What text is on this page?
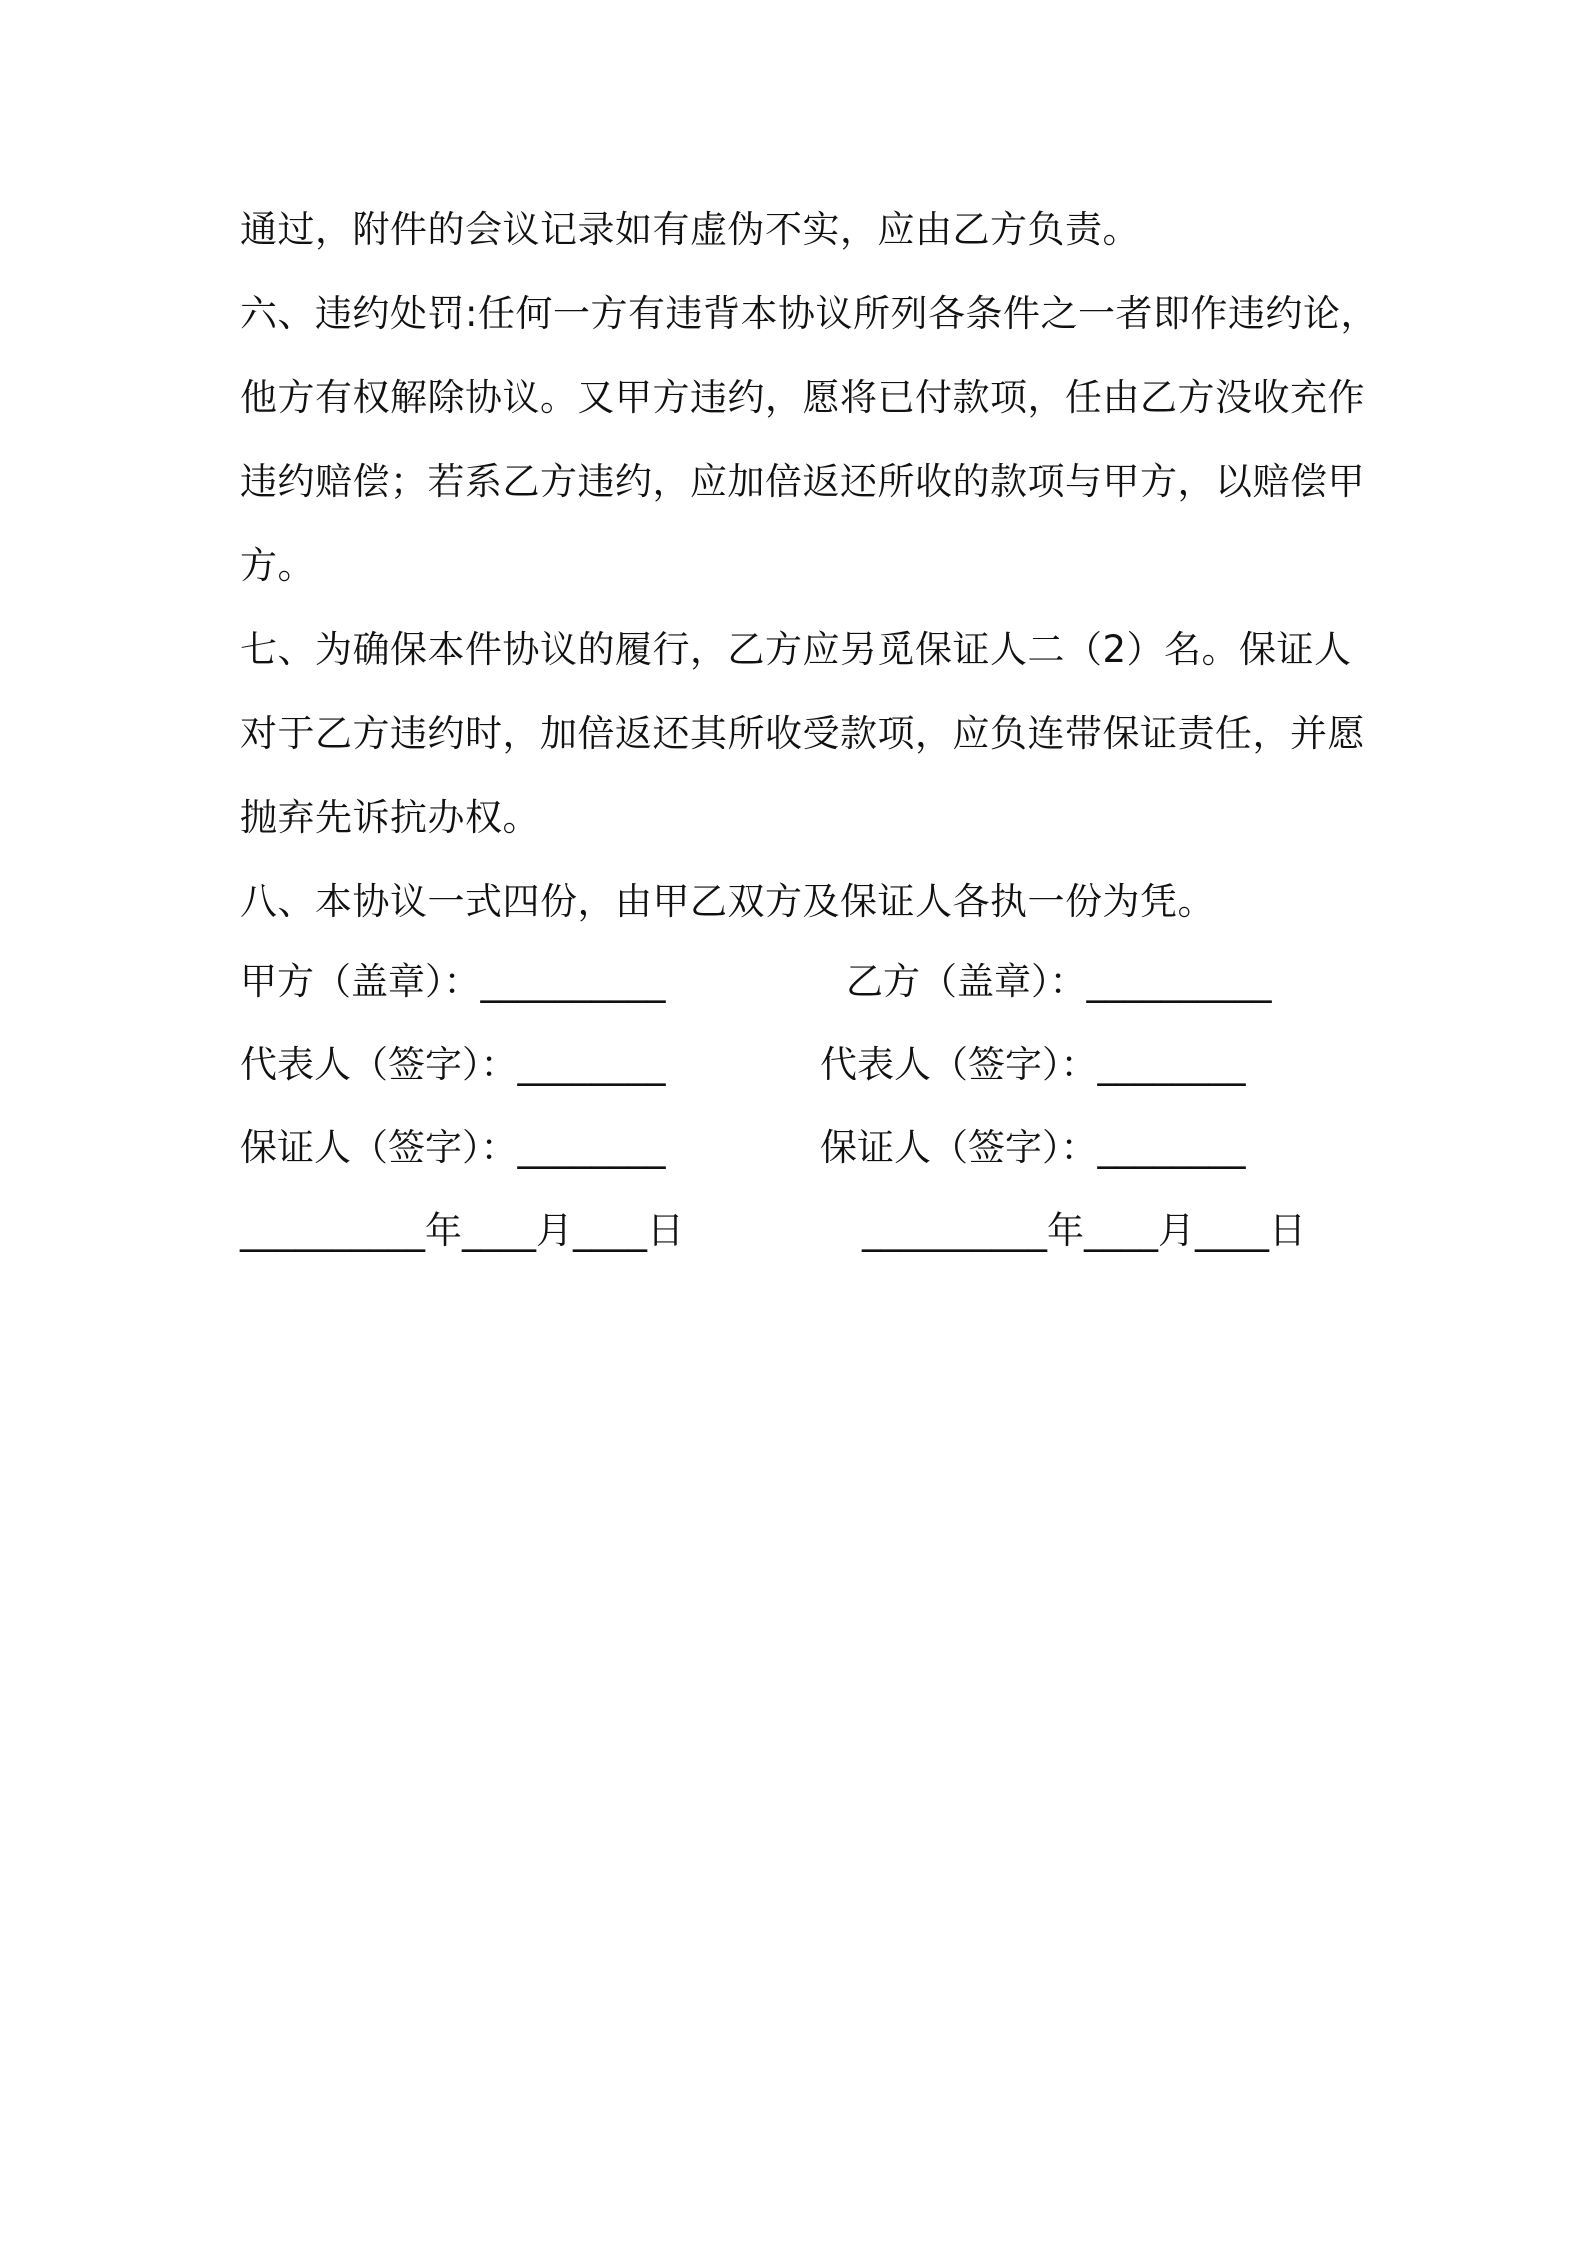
通过，附件的会议记录如有虚伪不实，应由乙方负责。
六、违约处罚:任何一方有违背本协议所列各条件之一者即作违约论，
他方有权解除协议。又甲方违约，愿将已付款项，任由乙方没收充作
违约赔偿；若系乙方违约，应加倍返还所收的款项与甲方，以赔偿甲
方。
七、为确保本件协议的履行，乙方应另觅保证人二（2）名。保证人
对于乙方违约时，加倍返还其所收受款项，应负连带保证责任，并愿
抛弃先诉抗办权。
八、本协议一式四份，由甲乙双方及保证人各执一份为凭。
甲方（盖章）：__________	乙方（盖章）：__________
代表人（签字）：________	代表人（签字）：________
保证人（签字）：________	保证人（签字）：________
__________年____月____日	__________年____月____日
